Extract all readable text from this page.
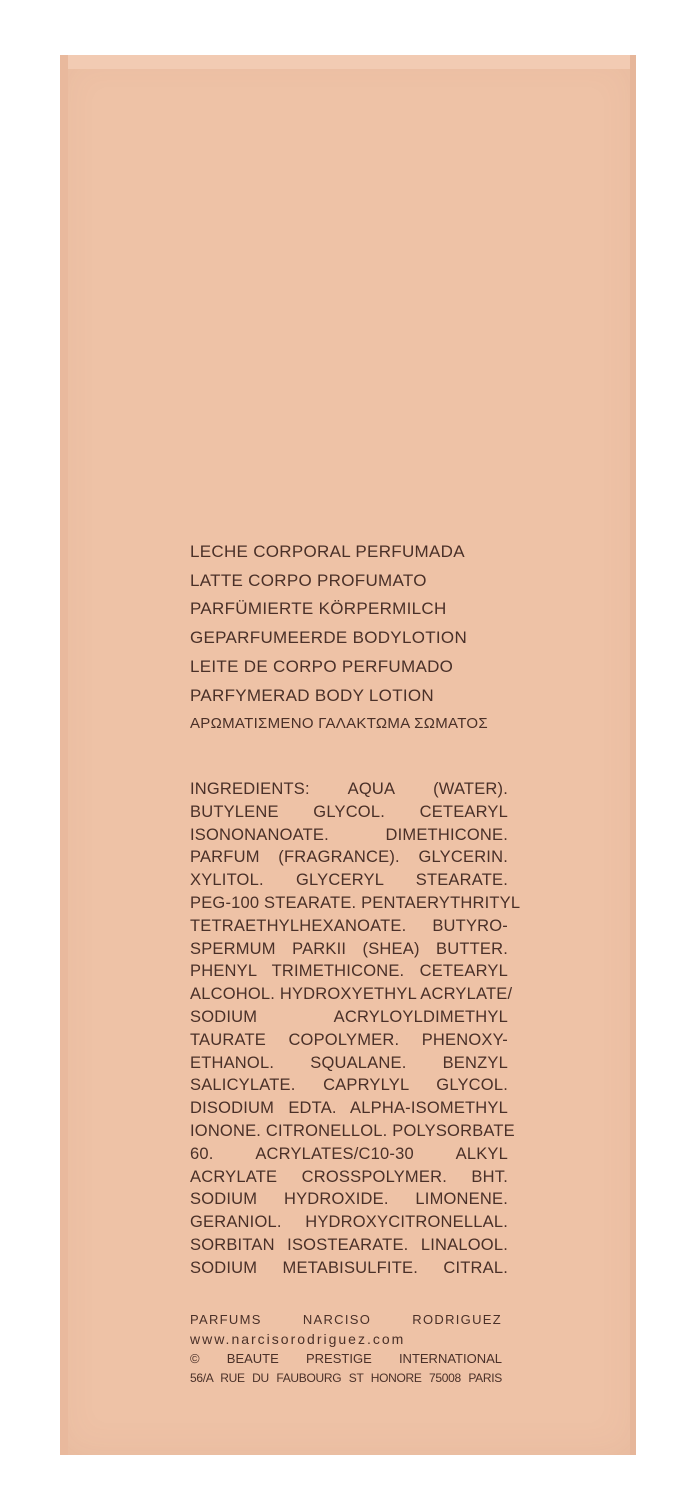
LECHE CORPORAL PERFUMADA
LATTE CORPO PROFUMATO
PARFÜMIERTE KÖRPERMILCH
GEPARFUMEERDE BODYLOTION
LEITE DE CORPO PERFUMADO
PARFYMERAD BODY LOTION
ΑΡΩΜΑΤΙΣΜΕΝΟ ΓΑΛΑΚΤΩΜΑ ΣΩΜΑΤΟΣ
INGREDIENTS: AQUA (WATER).
BUTYLENE GLYCOL. CETEARYL
ISONONANOATE. DIMETHICONE.
PARFUM (FRAGRANCE). GLYCERIN.
XYLITOL. GLYCERYL STEARATE.
PEG-100 STEARATE. PENTAERYTHRITYL
TETRAETHYLHEXANOATE. BUTYRO-
SPERMUM PARKII (SHEA) BUTTER.
PHENYL TRIMETHICONE. CETEARYL
ALCOHOL. HYDROXYETHYL ACRYLATE/
SODIUM ACRYLOYLDIMETHYL
TAURATE COPOLYMER. PHENOXY-
ETHANOL. SQUALANE. BENZYL
SALICYLATE. CAPRYLYL GLYCOL.
DISODIUM EDTA. ALPHA-ISOMETHYL
IONONE. CITRONELLOL. POLYSORBATE
60. ACRYLATES/C10-30 ALKYL
ACRYLATE CROSSPOLYMER. BHT.
SODIUM HYDROXIDE. LIMONENE.
GERANIOL. HYDROXYCITRONELLAL.
SORBITAN ISOSTEARATE. LINALOOL.
SODIUM METABISULFITE. CITRAL.
PARFUMS NARCISO RODRIGUEZ
www.narcisorodriguez.com
© BEAUTE PRESTIGE INTERNATIONAL
56/A RUE DU FAUBOURG ST HONORE 75008 PARIS
